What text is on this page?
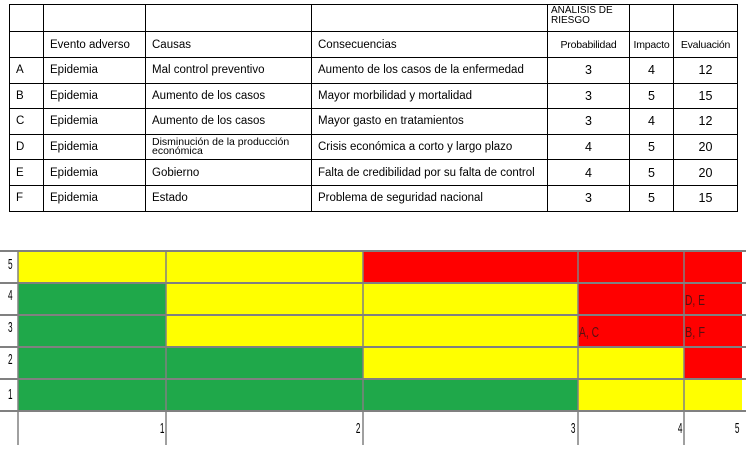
				ANÁLISIS DE RIESGO		
	Evento adverso	Causas	Consecuencias	Probabilidad	Impacto	Evaluación
A	Epidemia	Mal control preventivo	Aumento de los casos de la enfermedad	3	4	12
B	Epidemia	Aumento de los casos	Mayor morbilidad y mortalidad	3	5	15
C	Epidemia	Aumento de los casos	Mayor gasto en tratamientos	3	4	12
D	Epidemia	Disminución de la producción económica	Crisis económica a corto y largo plazo	4	5	20
E	Epidemia	Gobierno	Falta de credibilidad por su falta de control	4	5	20
F	Epidemia	Estado	Problema de seguridad nacional	3	5	15
D, E
A, C	B, F
5
4
3
2
1
1	2	3	4	5
